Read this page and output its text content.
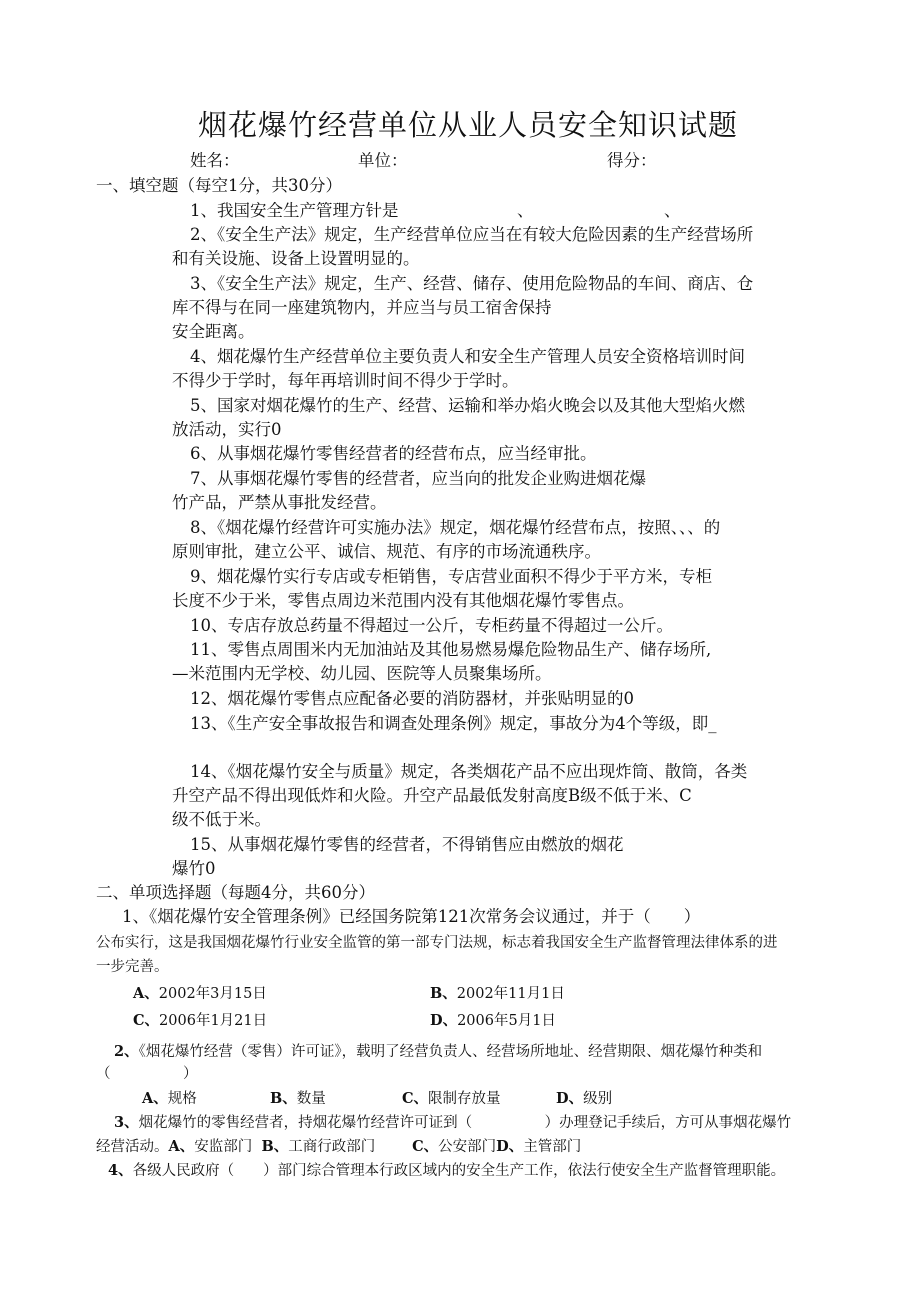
烟花爆竹经营单位从业人员安全知识试题
姓名：	单位：	得分：
一、填空题（每空1分，共30分）
1、我国安全生产管理方针是	、	、
2、《安全生产法》规定，生产经营单位应当在有较大危险因素的生产经营场所
和有关设施、设备上设置明显的。
3、《安全生产法》规定，生产、经营、储存、使用危险物品的车间、商店、仓
库不得与在同一座建筑物内，并应当与员工宿舍保持
安全距离。
4、烟花爆竹生产经营单位主要负责人和安全生产管理人员安全资格培训时间
不得少于学时，每年再培训时间不得少于学时。
5、国家对烟花爆竹的生产、经营、运输和举办焰火晚会以及其他大型焰火燃
放活动，实行0
6、从事烟花爆竹零售经营者的经营布点，应当经审批。
7、从事烟花爆竹零售的经营者，应当向的批发企业购进烟花爆
竹产品，严禁从事批发经营。
8、《烟花爆竹经营许可实施办法》规定，烟花爆竹经营布点，按照、、、的
原则审批，建立公平、诚信、规范、有序的市场流通秩序。
9、烟花爆竹实行专店或专柜销售，专店营业面积不得少于平方米，专柜
长度不少于米，零售点周边米范围内没有其他烟花爆竹零售点。
10、专店存放总药量不得超过一公斤，专柜药量不得超过一公斤。
11、零售点周围米内无加油站及其他易燃易爆危险物品生产、储存场所,
—米范围内无学校、幼儿园、医院等人员聚集场所。
12、烟花爆竹零售点应配备必要的消防器材，并张贴明显的0
13、《生产安全事故报告和调查处理条例》规定，事故分为4个等级，即_
14、《烟花爆竹安全与质量》规定，各类烟花产品不应出现炸筒、散筒，各类
升空产品不得出现低炸和火险。升空产品最低发射高度B级不低于米、C
级不低于米。
15、从事烟花爆竹零售的经营者，不得销售应由燃放的烟花
爆竹0
二、单项选择题（每题4分，共60分）
1、《烟花爆竹安全管理条例》已经国务院第121次常务会议通过，并于（　　）
公布实行，这是我国烟花爆竹行业安全监管的第一部专门法规，标志着我国安全生产监督管理法律体系的进
一步完善。
A、2002年3月15日	B、2002年11月1日
C、2006年1月21日	D、2006年5月1日
2、《烟花爆竹经营（零售）许可证》，载明了经营负责人、经营场所地址、经营期限、烟花爆竹种类和
（　　　　　）
A、规格	B、数量	C、限制存放量	D、级别
3、烟花爆竹的零售经营者，持烟花爆竹经营许可证到（　　　　　）办理登记手续后，方可从事烟花爆竹
经营活动。A、安监部门 B、工商行政部门	C、公安部门D、主管部门
4、各级人民政府（　　）部门综合管理本行政区域内的安全生产工作，依法行使安全生产监督管理职能。
